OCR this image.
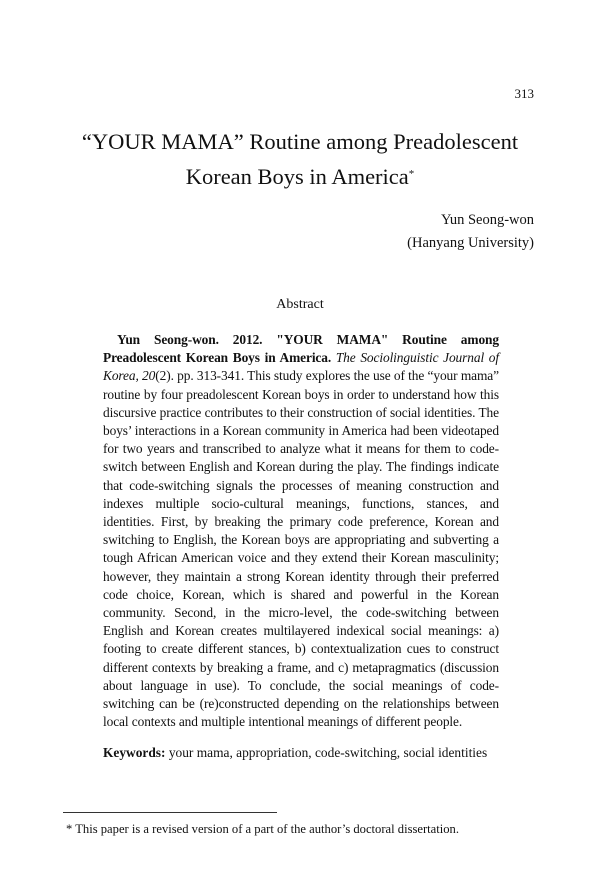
313
“YOUR MAMA” Routine among Preadolescent
Korean Boys in America*
Yun Seong-won
(Hanyang University)
Abstract
Yun Seong-won. 2012. "YOUR MAMA" Routine among Preadolescent Korean Boys in America. The Sociolinguistic Journal of Korea, 20(2). pp. 313-341. This study explores the use of the “your mama” routine by four preadolescent Korean boys in order to understand how this discursive practice contributes to their construction of social identities. The boys’ interactions in a Korean community in America had been videotaped for two years and transcribed to analyze what it means for them to code-switch between English and Korean during the play. The findings indicate that code-switching signals the processes of meaning construction and indexes multiple socio-cultural meanings, functions, stances, and identities. First, by breaking the primary code preference, Korean and switching to English, the Korean boys are appropriating and subverting a tough African American voice and they extend their Korean masculinity; however, they maintain a strong Korean identity through their preferred code choice, Korean, which is shared and powerful in the Korean community. Second, in the micro-level, the code-switching between English and Korean creates multilayered indexical social meanings: a) footing to create different stances, b) contextualization cues to construct different contexts by breaking a frame, and c) metapragmatics (discussion about language in use). To conclude, the social meanings of code-switching can be (re)constructed depending on the relationships between local contexts and multiple intentional meanings of different people.
Keywords: your mama, appropriation, code-switching, social identities
* This paper is a revised version of a part of the author’s doctoral dissertation.
